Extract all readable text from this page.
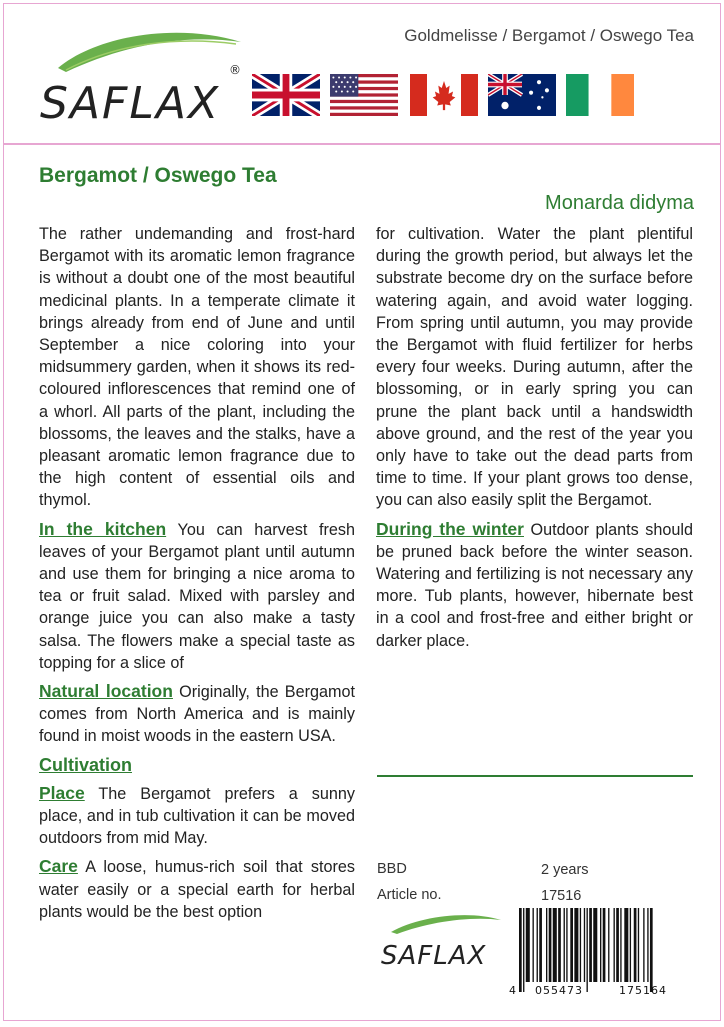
Goldmelisse / Bergamot / Oswego Tea
SAFLAX
®
Bergamot / Oswego Tea
Monarda didyma

The rather undemanding and frost-hard Bergamot with its aromatic lemon fragrance is without a doubt one of the most beautiful medicinal plants. In a temperate climate it brings already from end of June and until September a nice coloring into your midsummery garden, when it shows its red-coloured inflorescences that remind one of a whorl. All parts of the plant, including the blossoms, the leaves and the stalks, have a pleasant aromatic lemon fragrance due to the high content of essential oils and thymol.

In the kitchen You can harvest fresh leaves of your Bergamot plant until autumn and use them for bringing a nice aroma to tea or fruit salad. Mixed with parsley and orange juice you can also make a tasty salsa. The flowers make a special taste as topping for a slice of

Natural location Originally, the Bergamot comes from North America and is mainly found in moist woods in the eastern USA.

Cultivation

Place The Bergamot prefers a sunny place, and in tub cultivation it can be moved outdoors from mid May.

Care A loose, humus-rich soil that stores water easily or a special earth for herbal plants would be the best option

for cultivation. Water the plant plentiful during the growth period, but always let the substrate become dry on the surface before watering again, and avoid water logging. From spring until autumn, you may provide the Bergamot with fluid fertilizer for herbs every four weeks. During autumn, after the blossoming, or in early spring you can prune the plant back until a handswidth above ground, and the rest of the year you only have to take out the dead parts from time to time. If your plant grows too dense, you can also easily split the Bergamot.

During the winter Outdoor plants should be pruned back before the winter season. Watering and fertilizing is not necessary any more. Tub plants, however, hibernate best in a cool and frost-free and either bright or darker place.

BBD	2 years
Article no.	17516
SAFLAX
4 055473	175164
